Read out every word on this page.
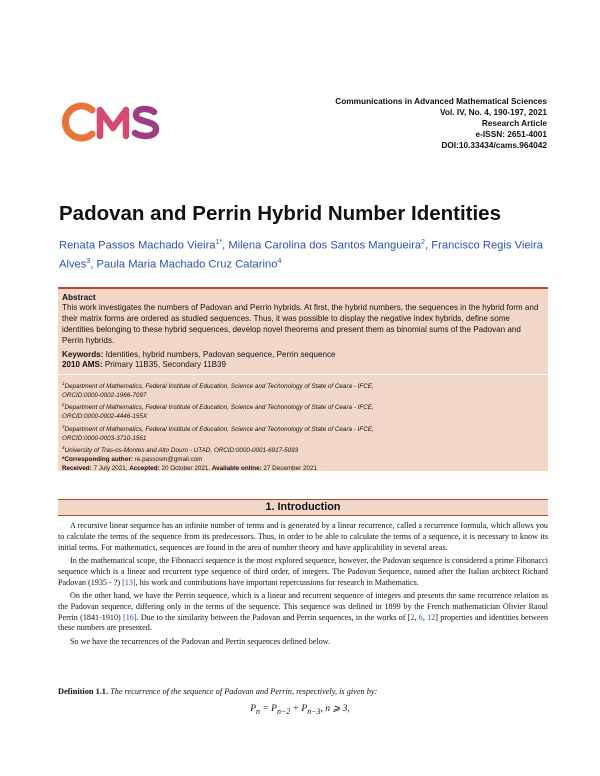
Communications in Advanced Mathematical Sciences
Vol. IV, No. 4, 190-197, 2021
Research Article
e-ISSN: 2651-4001
DOI:10.33434/cams.964042
Padovan and Perrin Hybrid Number Identities
Renata Passos Machado Vieira$^{1*}$, Milena Carolina dos Santos Mangueira$^2$, Francisco Regis Vieira Alves$^3$, Paula Maria Machado Cruz Catarino$^4$
Abstract
This work investigates the numbers of Padovan and Perrin hybrids. At first, the hybrid numbers, the sequences in the hybrid form and their matrix forms are ordered as studied sequences. Thus, it was possible to display the negative index hybrids, define some identities belonging to these hybrid sequences, develop novel theorems and present them as binomial sums of the Padovan and Perrin hybrids.
Keywords: Identities, hybrid numbers, Padovan sequence, Perrin sequence
2010 AMS: Primary 11B35, Secondary 11B39
$^1$Department of Mathematics, Federal Institute of Education, Science and Techonology of State of Ceara - IFCE,
ORCID:0000-0002-1966-7097
$^2$Department of Mathematics, Federal Institute of Education, Science and Techonology of State of Ceara - IFCE,
ORCID:0000-0002-4446-155X
$^3$Department of Mathematics, Federal Institute of Education, Science and Techonology of State of Ceara - IFCE,
ORCID:0000-0003-3710-1561
$^4$University of Tras-os-Montes and Alto Douro - UTAD, ORCID:0000-0001-6917-5093
*Corresponding author: re.passosm@gmail.com
Received: 7 July 2021, Accepted: 20 October 2021, Available online: 27 December 2021
1. Introduction

A recursive linear sequence has an infinite number of terms and is generated by a linear recurrence, called a recurrence formula, which allows you to calculate the terms of the sequence from its predecessors. Thus, in order to be able to calculate the terms of a sequence, it is necessary to know its initial terms. For mathematics, sequences are found in the area of number theory and have applicability in several areas.

In the mathematical scope, the Fibonacci sequence is the most explored sequence, however, the Padovan sequence is considered a prime Fibonacci sequence which is a linear and recurrent type sequence of third order, of integers. The Padovan Sequence, named after the Italian architect Richard Padovan (1935 - ?) [13], his work and contributions have important repercussions for research in Mathematics.

On the other hand, we have the Perrin sequence, which is a linear and recurrent sequence of integers and presents the same recurrence relation as the Padovan sequence, differing only in the terms of the sequence. This sequence was defined in 1899 by the French mathematician Olivier Raoul Perrin (1841-1910) [16]. Due to the similarity between the Padovan and Perrin sequences, in the works of [2, 6, 12] properties and identities between these numbers are presented.

So we have the recurrences of the Padovan and Perrin sequences defined below.

Definition 1.1. The recurrence of the sequence of Padovan and Perrin, respectively, is given by:
$P_n = P_{n-2} + P_{n-3}$, n ⩾ 3,
